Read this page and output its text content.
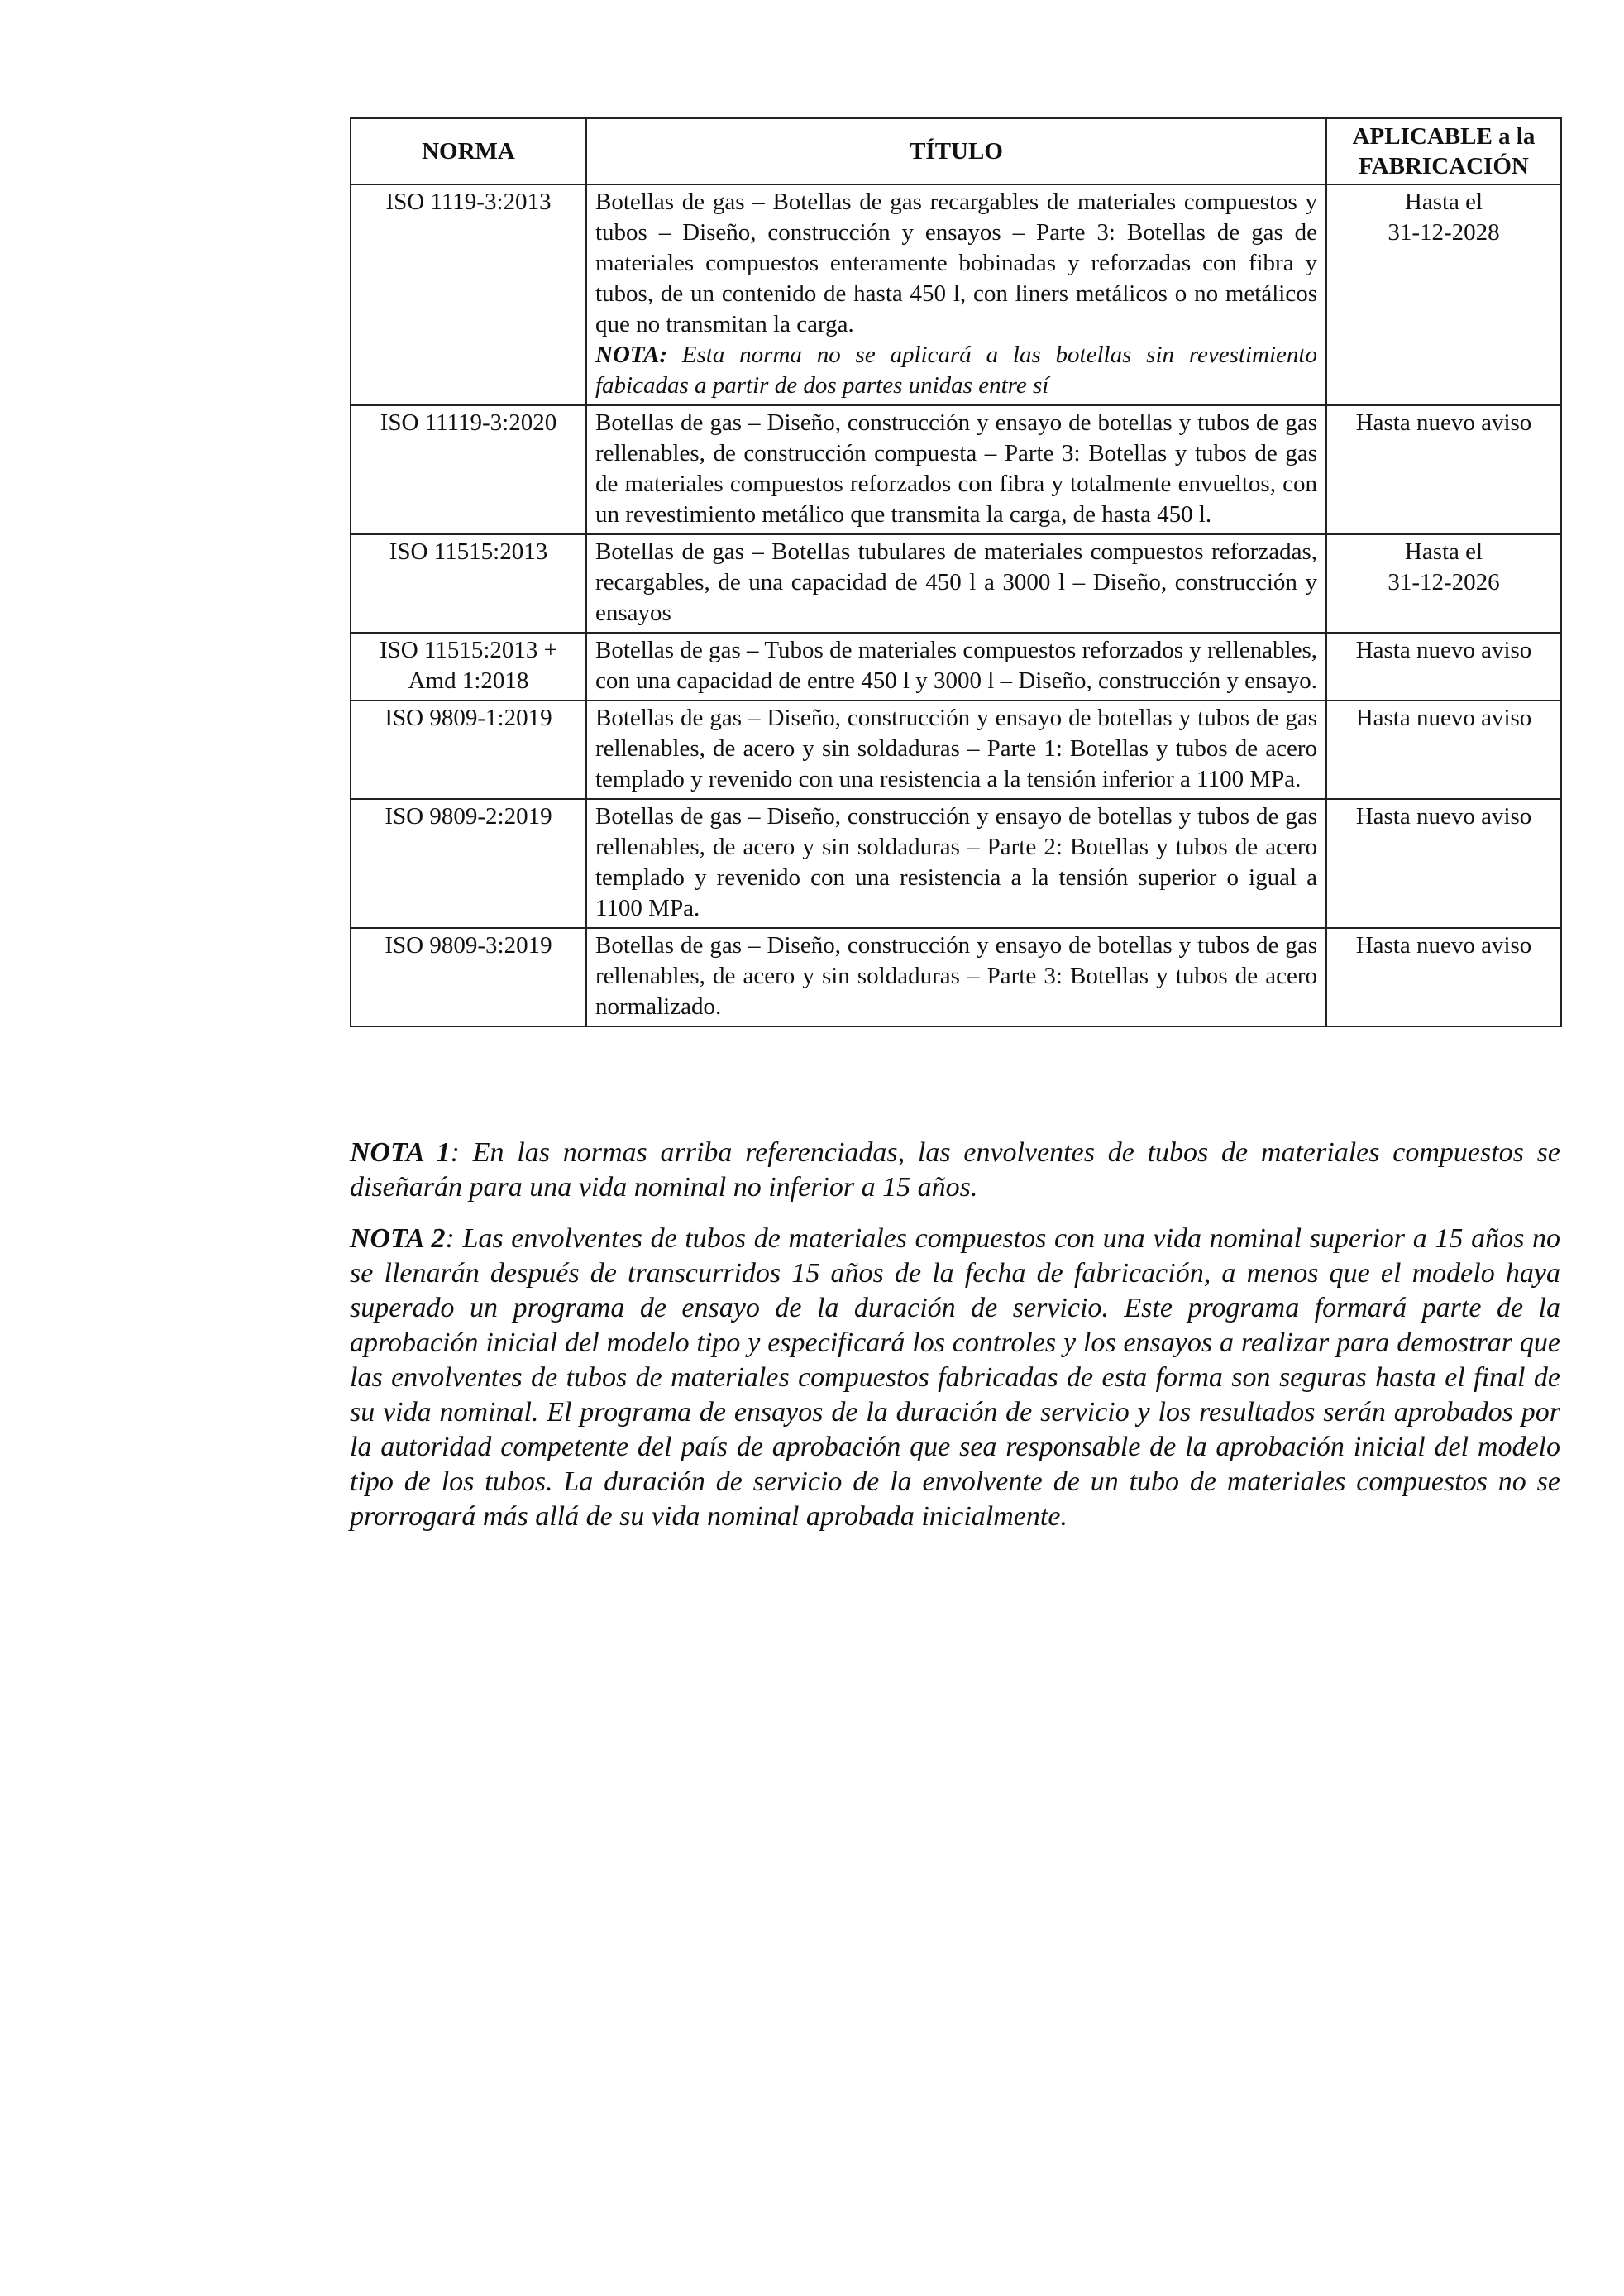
NORMA	TÍTULO	APLICABLE a la
FABRICACIÓN
ISO 1119-3:2013	Botellas de gas – Botellas de gas recargables de materiales compuestos y tubos – Diseño, construcción y ensayos – Parte 3: Botellas de gas de materiales compuestos enteramente bobinadas y reforzadas con fibra y tubos, de un contenido de hasta 450 l, con liners metálicos o no metálicos que no transmitan la carga.
NOTA: Esta norma no se aplicará a las botellas sin revestimiento fabicadas a partir de dos partes unidas entre sí	Hasta el
31-12-2028
ISO 11119-3:2020	Botellas de gas – Diseño, construcción y ensayo de botellas y tubos de gas rellenables, de construcción compuesta – Parte 3: Botellas y tubos de gas de materiales compuestos reforzados con fibra y totalmente envueltos, con un revestimiento metálico que transmita la carga, de hasta 450 l.	Hasta nuevo aviso
ISO 11515:2013	Botellas de gas – Botellas tubulares de materiales compuestos reforzadas, recargables, de una capacidad de 450 l a 3000 l – Diseño, construcción y ensayos	Hasta el
31-12-2026
ISO 11515:2013 +
Amd 1:2018	Botellas de gas – Tubos de materiales compuestos reforzados y rellenables, con una capacidad de entre 450 l y 3000 l – Diseño, construcción y ensayo.	Hasta nuevo aviso
ISO 9809-1:2019	Botellas de gas – Diseño, construcción y ensayo de botellas y tubos de gas rellenables, de acero y sin soldaduras – Parte 1: Botellas y tubos de acero templado y revenido con una resistencia a la tensión inferior a 1100 MPa.	Hasta nuevo aviso
ISO 9809-2:2019	Botellas de gas – Diseño, construcción y ensayo de botellas y tubos de gas rellenables, de acero y sin soldaduras – Parte 2: Botellas y tubos de acero templado y revenido con una resistencia a la tensión superior o igual a 1100 MPa.	Hasta nuevo aviso
ISO 9809-3:2019	Botellas de gas – Diseño, construcción y ensayo de botellas y tubos de gas rellenables, de acero y sin soldaduras – Parte 3: Botellas y tubos de acero normalizado.	Hasta nuevo aviso

NOTA 1: En las normas arriba referenciadas, las envolventes de tubos de materiales compuestos se diseñarán para una vida nominal no inferior a 15 años.

NOTA 2: Las envolventes de tubos de materiales compuestos con una vida nominal superior a 15 años no se llenarán después de transcurridos 15 años de la fecha de fabricación, a menos que el modelo haya superado un programa de ensayo de la duración de servicio. Este programa formará parte de la aprobación inicial del modelo tipo y especificará los controles y los ensayos a realizar para demostrar que las envolventes de tubos de materiales compuestos fabricadas de esta forma son seguras hasta el final de su vida nominal. El programa de ensayos de la duración de servicio y los resultados serán aprobados por la autoridad competente del país de aprobación que sea responsable de la aprobación inicial del modelo tipo de los tubos. La duración de servicio de la envolvente de un tubo de materiales compuestos no se prorrogará más allá de su vida nominal aprobada inicialmente.
